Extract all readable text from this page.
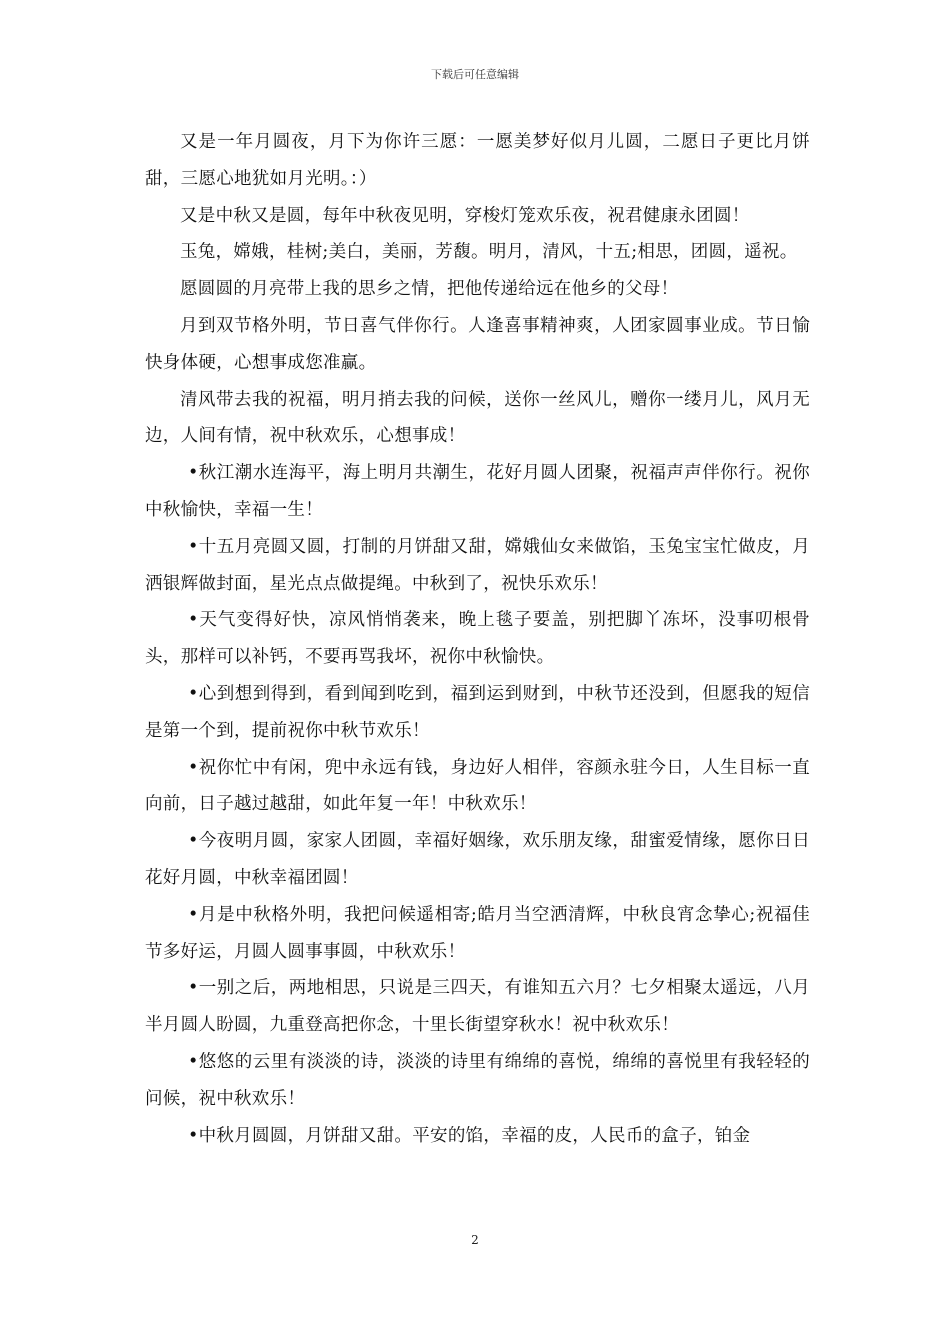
下载后可任意编辑

又是一年月圆夜，月下为你许三愿：一愿美梦好似月儿圆，二愿日子更比月饼甜，三愿心地犹如月光明。：）

又是中秋又是圆，每年中秋夜见明，穿梭灯笼欢乐夜，祝君健康永团圆！

玉兔，嫦娥，桂树;美白，美丽，芳馥。明月，清风，十五;相思，团圆，遥祝。

愿圆圆的月亮带上我的思乡之情，把他传递给远在他乡的父母！

月到双节格外明，节日喜气伴你行。人逢喜事精神爽，人团家圆事业成。节日愉快身体硬，心想事成您准赢。

清风带去我的祝福，明月捎去我的问候，送你一丝风儿，赠你一缕月儿，风月无边，人间有情，祝中秋欢乐，心想事成！

•秋江潮水连海平，海上明月共潮生，花好月圆人团聚，祝福声声伴你行。祝你中秋愉快，幸福一生！

•十五月亮圆又圆，打制的月饼甜又甜，嫦娥仙女来做馅，玉兔宝宝忙做皮，月洒银辉做封面，星光点点做提绳。中秋到了，祝快乐欢乐！

•天气变得好快，凉风悄悄袭来，晚上毯子要盖，别把脚丫冻坏，没事叨根骨头，那样可以补钙，不要再骂我坏，祝你中秋愉快。

•心到想到得到，看到闻到吃到，福到运到财到，中秋节还没到，但愿我的短信是第一个到，提前祝你中秋节欢乐！

•祝你忙中有闲，兜中永远有钱，身边好人相伴，容颜永驻今日，人生目标一直向前，日子越过越甜，如此年复一年！中秋欢乐！

•今夜明月圆，家家人团圆，幸福好姻缘，欢乐朋友缘，甜蜜爱情缘，愿你日日花好月圆，中秋幸福团圆！

•月是中秋格外明，我把问候遥相寄;皓月当空洒清辉，中秋良宵念挚心;祝福佳节多好运，月圆人圆事事圆，中秋欢乐！

•一别之后，两地相思，只说是三四天，有谁知五六月？七夕相聚太遥远，八月半月圆人盼圆，九重登高把你念，十里长街望穿秋水！祝中秋欢乐！

•悠悠的云里有淡淡的诗，淡淡的诗里有绵绵的喜悦，绵绵的喜悦里有我轻轻的问候，祝中秋欢乐！

•中秋月圆圆，月饼甜又甜。平安的馅，幸福的皮，人民币的盒子，铂金

2
